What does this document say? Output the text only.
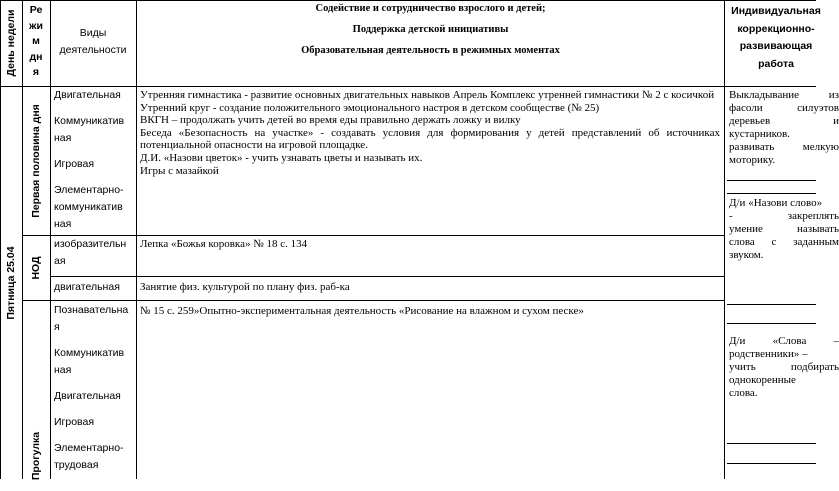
День недели	Ре
жи
м
дн
я
Виды
деятельности
Содействие и сотрудничество взрослого и детей;
Поддержка детской инициативы
Образовательная деятельность в режимных моментах
Индивидуальная
коррекционно-
развивающая
работа
Пятница 25.04
Первая половина дня
НОД
Прогулка

Двигательная

Коммуникатив
ная

Игровая

Элементарно-
коммуникатив
ная

Утренняя гимнастика - развитие основных двигательных навыков Апрель Комплекс утренней гимнастики № 2 с косичкой

Утренний круг - создание положительного эмоционального настроя в детском сообществе (№ 25)

ВКГН – продолжать учить детей во время еды правильно держать ложку и вилку

Беседа «Безопасность на участке» - создавать условия для формирования у детей представлений об источниках потенциальной опасности на игровой площадке.

Д.И. «Назови цветок» - учить узнавать цветы и называть их.

Игры с мазайкой

изобразительн
ая
Лепка «Божья коровка» № 18 с. 134
двигательная	Занятие физ. культурой по плану физ. раб-ка

Познавательна
я

Коммуникатив
ная

Двигательная

Игровая

Элементарно-
трудовая

№ 15 с. 259»Опытно-экспериментальная деятельность «Рисование на влажном и сухом песке»
Выкладывание из
фасоли силуэтов
деревьев и
кустарников.
развивать мелкую
моторику.
Д/и «Назови слово»
- закреплять
умение называть
слова с заданным
звуком.
Д/и «Слова –
родственники» –
учить подбирать
однокоренные
слова.
